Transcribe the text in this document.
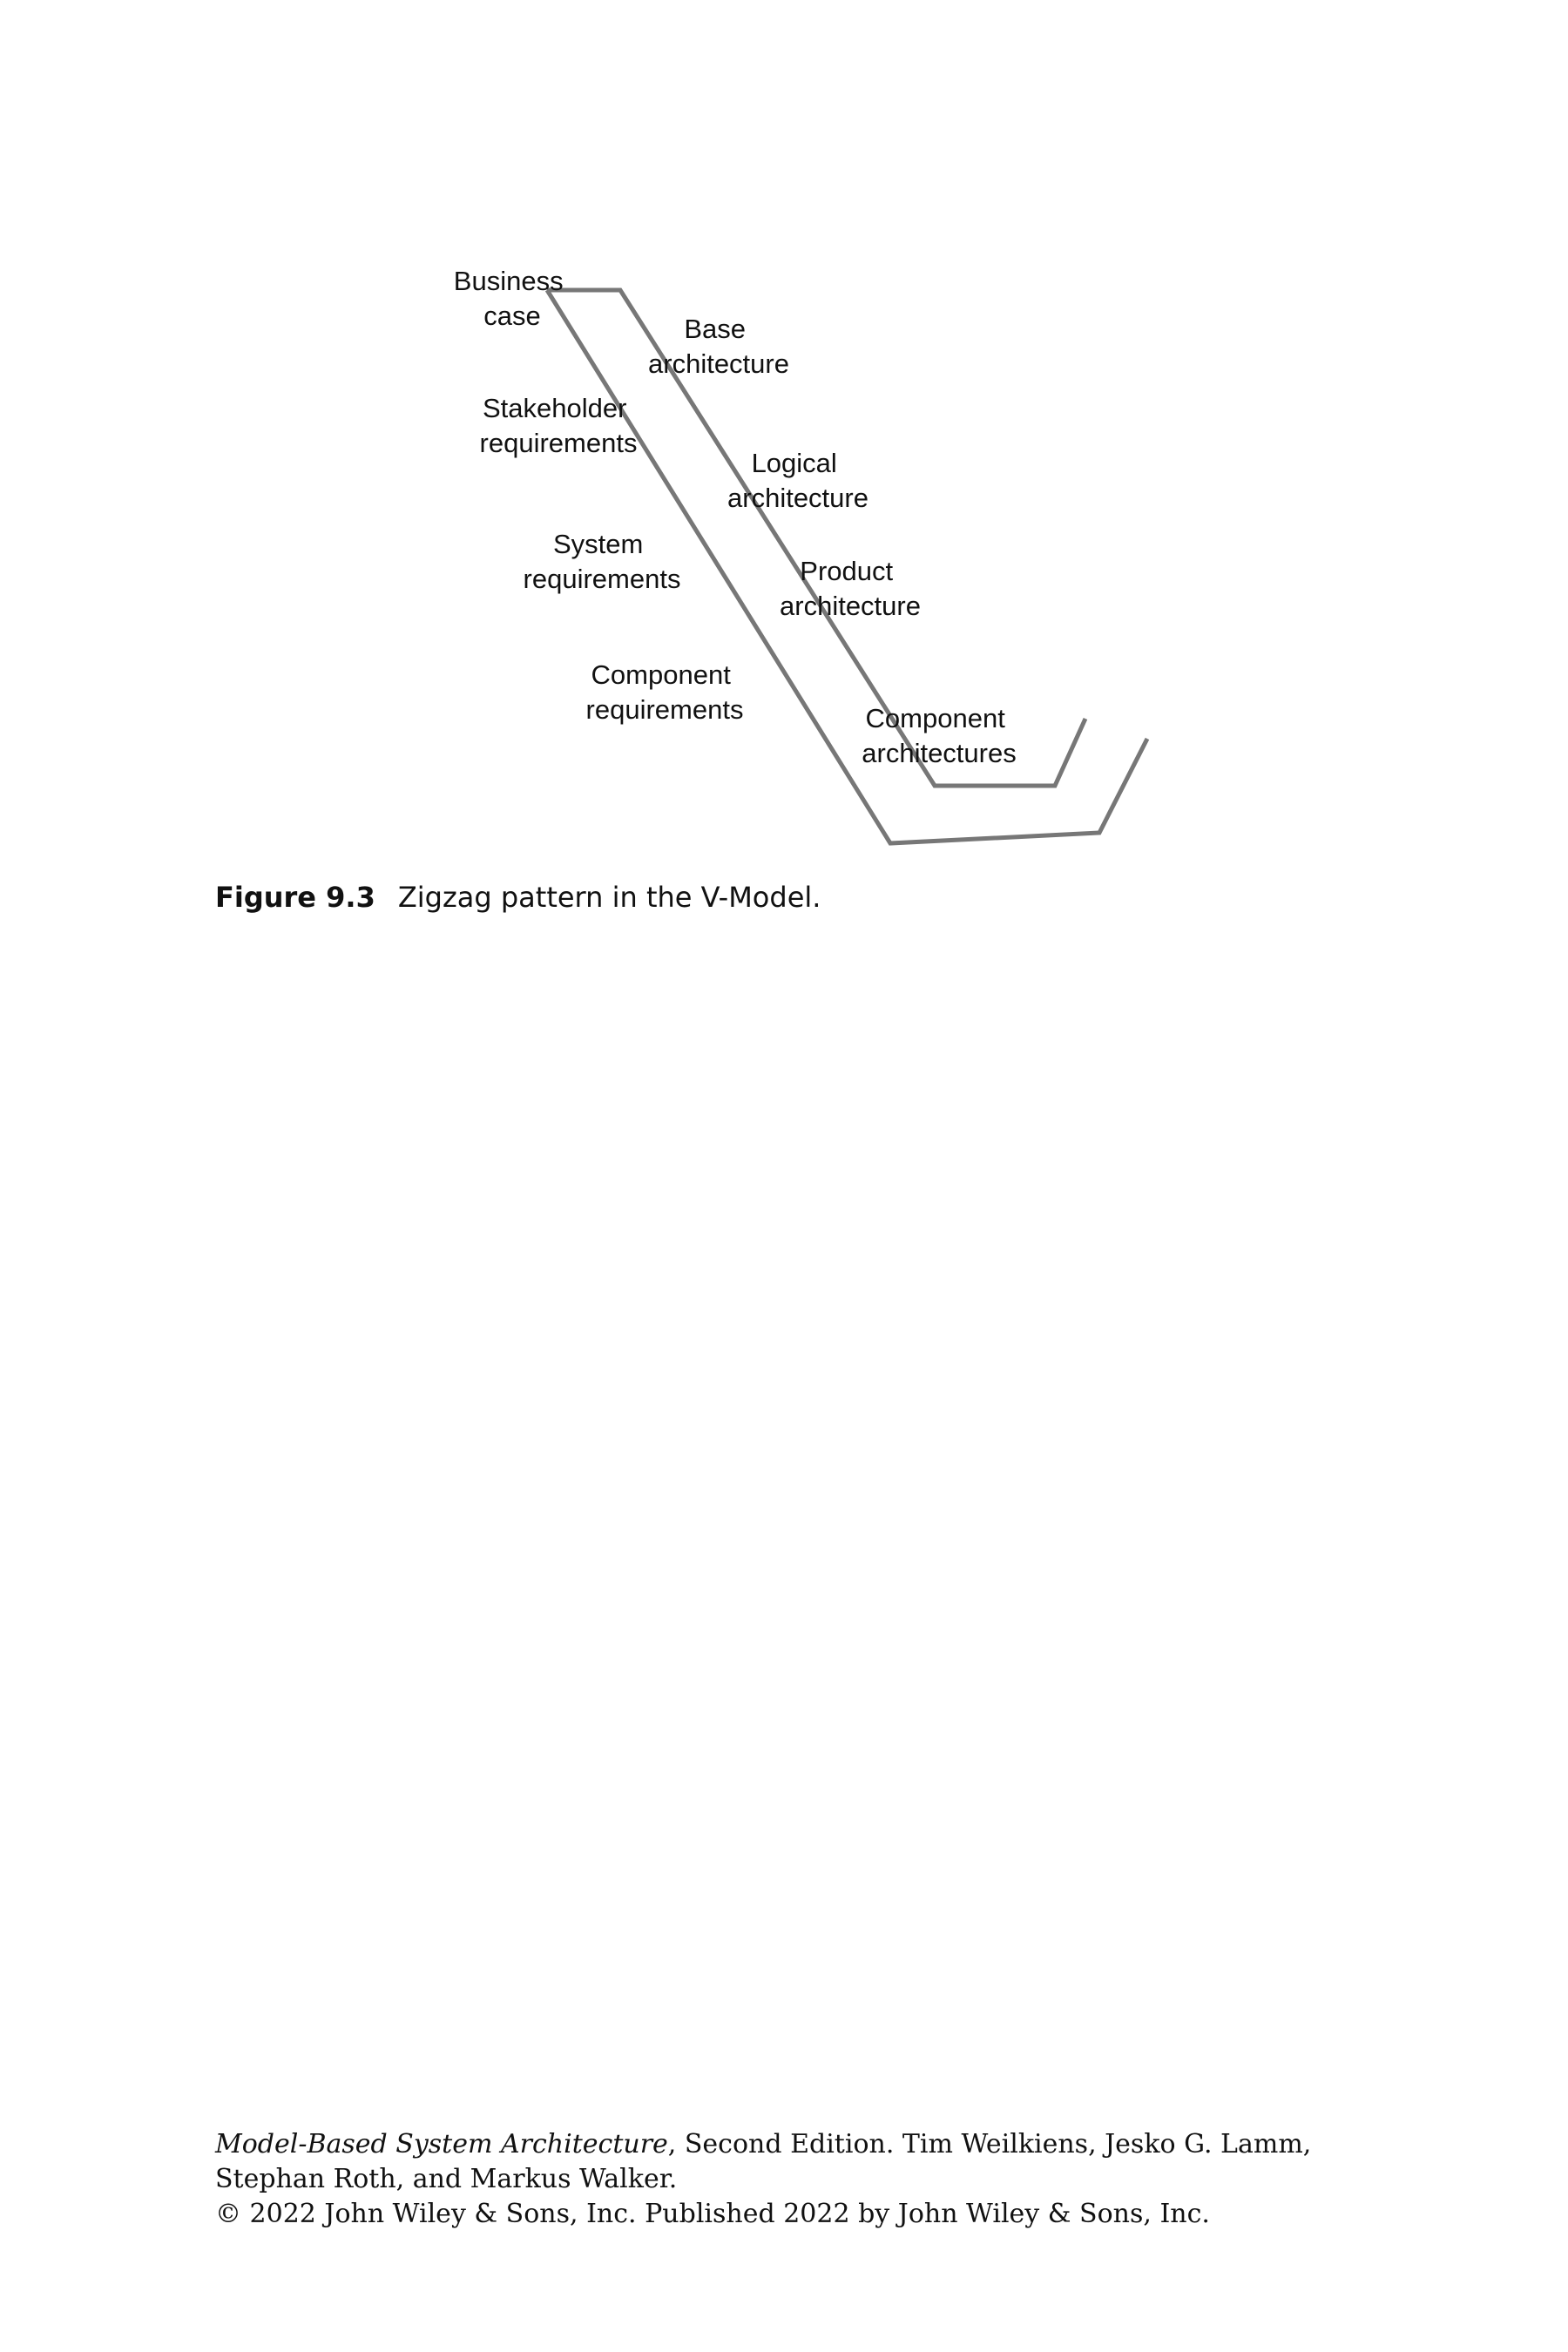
Business case
Stakeholder requirements
System requirements
Component requirements
Base architecture
Logical architecture
Product architecture
Component architectures
Figure 9.3 Zigzag pattern in the V-Model.
Model-Based System Architecture, Second Edition. Tim Weilkiens, Jesko G. Lamm,
Stephan Roth, and Markus Walker.
© 2022 John Wiley & Sons, Inc. Published 2022 by John Wiley & Sons, Inc.
